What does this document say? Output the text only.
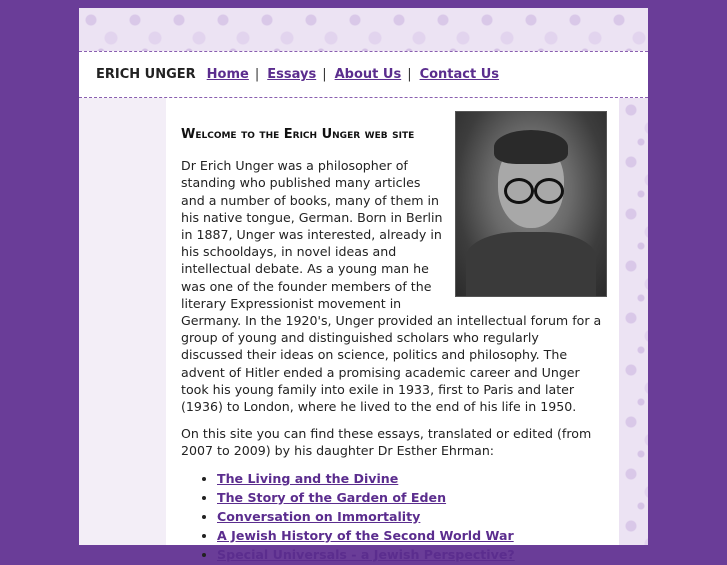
ERICH UNGER Home | Essays | About Us | Contact Us
Welcome to the Erich Unger web site

Dr Erich Unger was a philosopher of standing who published many articles and a number of books, many of them in his native tongue, German. Born in Berlin in 1887, Unger was interested, already in his schooldays, in novel ideas and intellectual debate. As a young man he was one of the founder members of the literary Expressionist movement in Germany. In the 1920's, Unger provided an intellectual forum for a group of young and distinguished scholars who regularly discussed their ideas on science, politics and philosophy. The advent of Hitler ended a promising academic career and Unger took his young family into exile in 1933, first to Paris and later (1936) to London, where he lived to the end of his life in 1950.

On this site you can find these essays, translated or edited (from 2007 to 2009) by his daughter Dr Esther Ehrman:

• The Living and the Divine
• The Story of the Garden of Eden
• Conversation on Immortality
• A Jewish History of the Second World War
• Special Universals - a Jewish Perspective?
